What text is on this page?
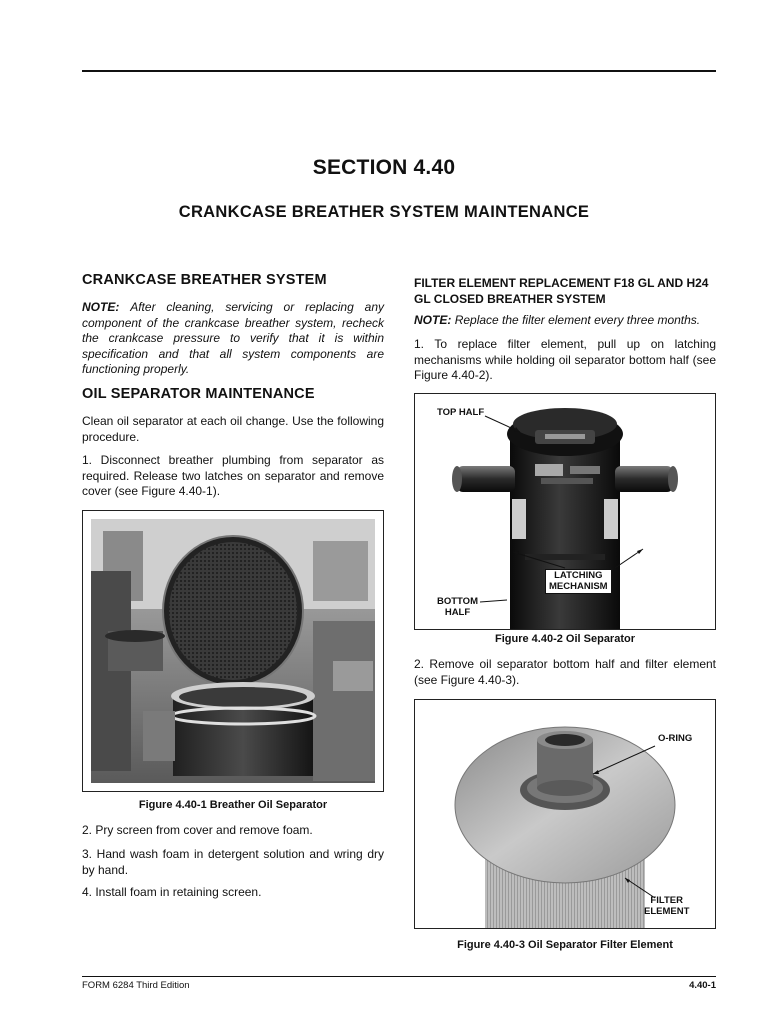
SECTION 4.40
CRANKCASE BREATHER SYSTEM MAINTENANCE
CRANKCASE BREATHER SYSTEM
NOTE: After cleaning, servicing or replacing any component of the crankcase breather system, recheck the crankcase pressure to verify that it is within specification and that all system components are functioning properly.
OIL SEPARATOR MAINTENANCE
Clean oil separator at each oil change. Use the following procedure.
1. Disconnect breather plumbing from separator as required. Release two latches on separator and remove cover (see Figure 4.40-1).
Figure 4.40-1 Breather Oil Separator
2. Pry screen from cover and remove foam.
3. Hand wash foam in detergent solution and wring dry by hand.
4. Install foam in retaining screen.
FILTER ELEMENT REPLACEMENT F18 GL AND H24 GL CLOSED BREATHER SYSTEM
NOTE: Replace the filter element every three months.
1. To replace filter element, pull up on latching mechanisms while holding oil separator bottom half (see Figure 4.40-2).
TOP HALF
LATCHING
MECHANISM
BOTTOM
HALF
Figure 4.40-2 Oil Separator
2. Remove oil separator bottom half and filter element (see Figure 4.40-3).
O-RING
FILTER
ELEMENT
Figure 4.40-3 Oil Separator Filter Element
FORM 6284 Third Edition	4.40-1
